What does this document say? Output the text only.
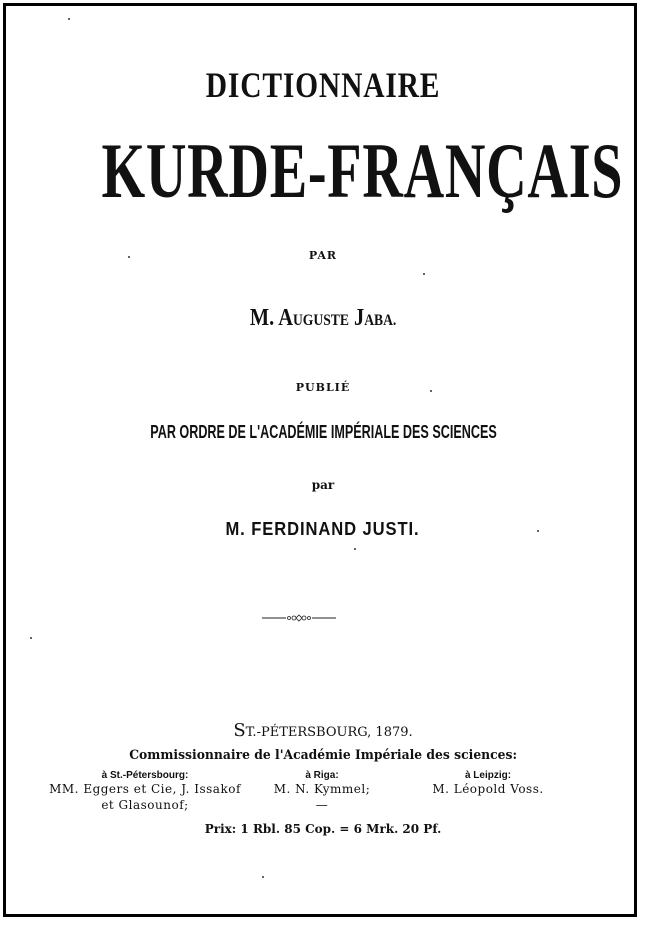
DICTIONNAIRE
KURDE-FRANÇAIS
PAR
M. AUGUSTE JABA.
PUBLIÉ
PAR ORDRE DE L'ACADÉMIE IMPÉRIALE DES SCIENCES
par
M. FERDINAND JUSTI.
ST.-PÉTERSBOURG, 1879.
Commissionnaire de l'Académie Impériale des sciences:
à St.-Pétersbourg:
MM. Eggers et Cie, J. Issakof
et Glasounof;
à Riga:
M. N. Kymmel;
—
à Leipzig:
M. Léopold Voss.
Prix: 1 Rbl. 85 Cop. = 6 Mrk. 20 Pf.
